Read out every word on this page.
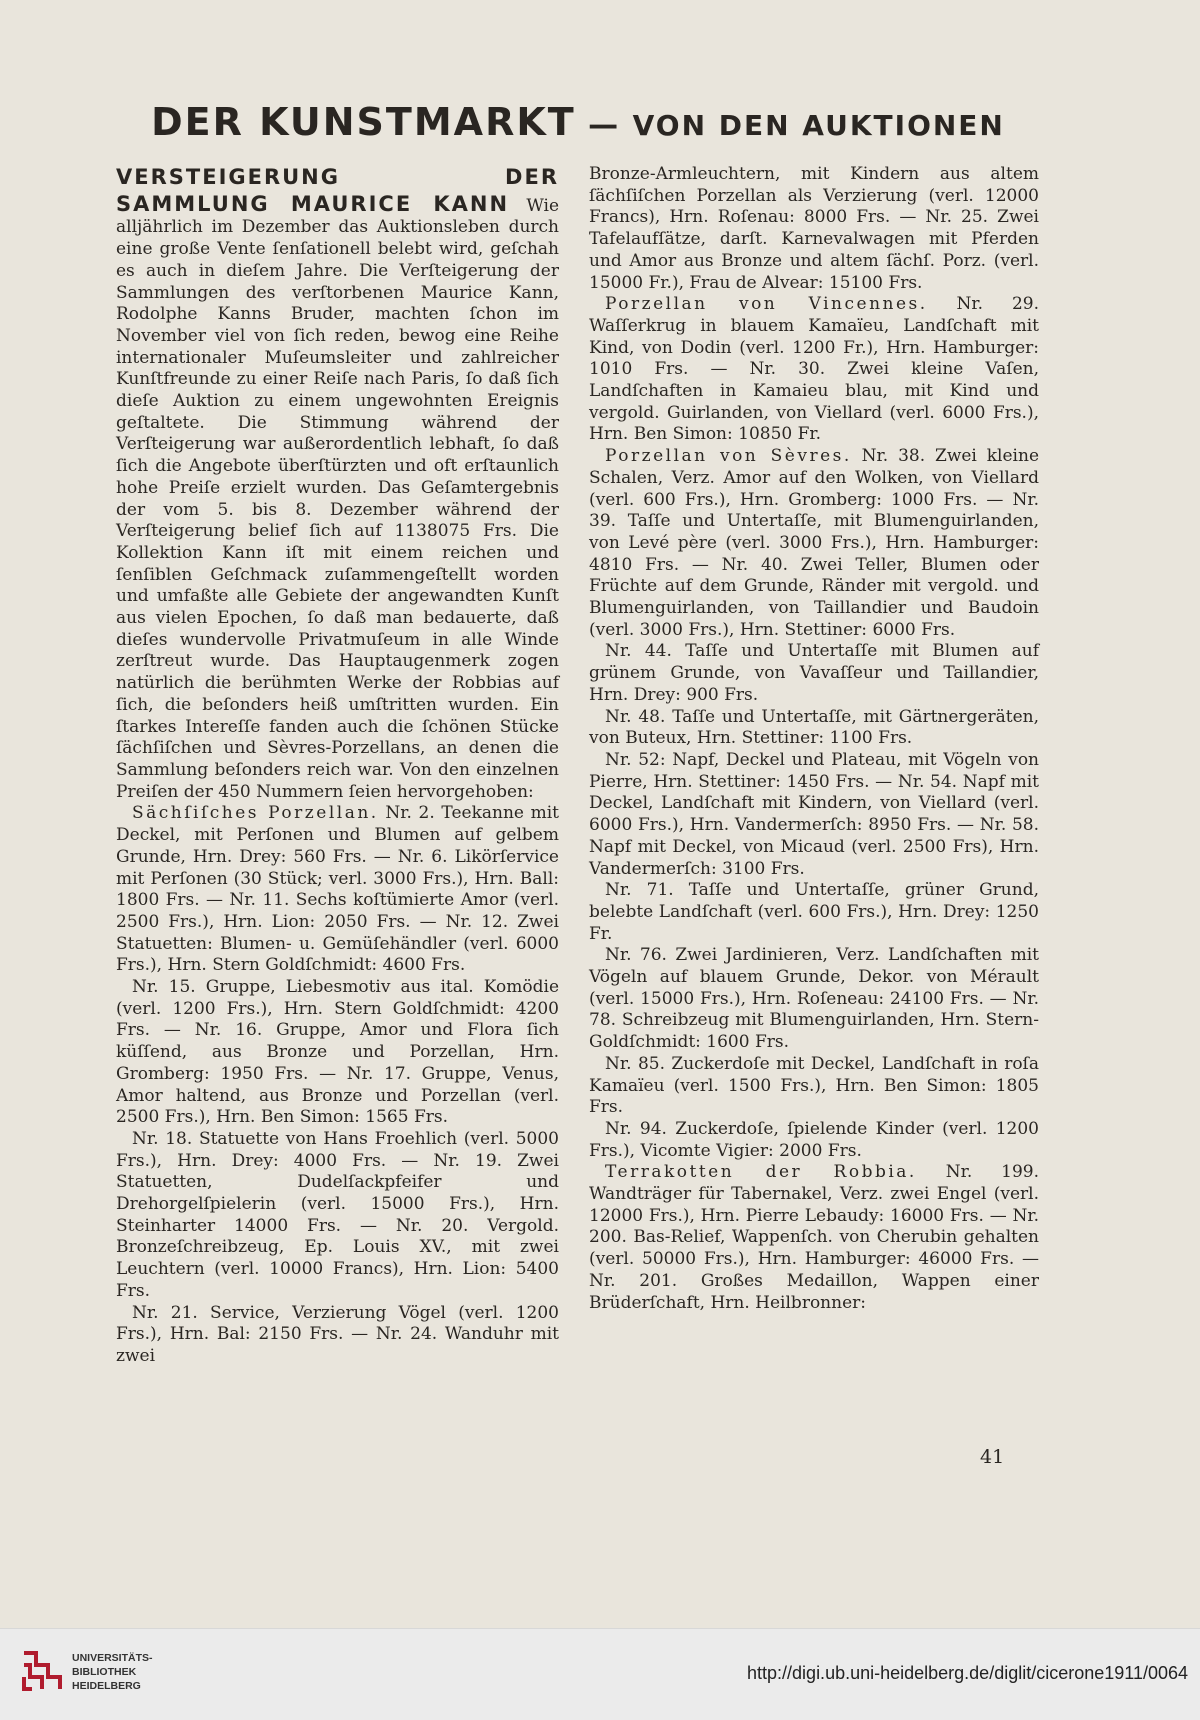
DER KUNSTMARKT — VON DEN AUKTIONEN

VERSTEIGERUNG DER SAMMLUNG MAURICE KANN Wie alljährlich im Dezember das Auktionsleben durch eine große Vente ſenſationell belebt wird, geſchah es auch in dieſem Jahre. Die Verſteigerung der Sammlungen des verſtorbenen Maurice Kann, Rodolphe Kanns Bruder, machten ſchon im November viel von ſich reden, bewog eine Reihe internationaler Muſeumsleiter und zahlreicher Kunſtfreunde zu einer Reiſe nach Paris, ſo daß ſich dieſe Auktion zu einem ungewohnten Ereignis geſtaltete. Die Stimmung während der Verſteigerung war außerordentlich lebhaft, ſo daß ſich die Angebote überſtürzten und oft erſtaunlich hohe Preiſe erzielt wurden. Das Geſamtergebnis der vom 5. bis 8. Dezember während der Verſteigerung belief ſich auf 1138075 Frs. Die Kollektion Kann iſt mit einem reichen und ſenſiblen Geſchmack zuſammengeſtellt worden und umfaßte alle Gebiete der angewandten Kunſt aus vielen Epochen, ſo daß man bedauerte, daß dieſes wundervolle Privatmuſeum in alle Winde zerſtreut wurde. Das Hauptaugenmerk zogen natürlich die berühmten Werke der Robbias auf ſich, die beſonders heiß umſtritten wurden. Ein ſtarkes Intereſſe fanden auch die ſchönen Stücke ſächſiſchen und Sèvres-Porzellans, an denen die Sammlung beſonders reich war. Von den einzelnen Preiſen der 450 Nummern ſeien hervorgehoben:

Sächſiſches Porzellan. Nr. 2. Teekanne mit Deckel, mit Perſonen und Blumen auf gelbem Grunde, Hrn. Drey: 560 Frs. — Nr. 6. Likörſervice mit Perſonen (30 Stück; verl. 3000 Frs.), Hrn. Ball: 1800 Frs. — Nr. 11. Sechs koſtümierte Amor (verl. 2500 Frs.), Hrn. Lion: 2050 Frs. — Nr. 12. Zwei Statuetten: Blumen- u. Gemüſehändler (verl. 6000 Frs.), Hrn. Stern Goldſchmidt: 4600 Frs.

Nr. 15. Gruppe, Liebesmotiv aus ital. Komödie (verl. 1200 Frs.), Hrn. Stern Goldſchmidt: 4200 Frs. — Nr. 16. Gruppe, Amor und Flora ſich küſſend, aus Bronze und Porzellan, Hrn. Gromberg: 1950 Frs. — Nr. 17. Gruppe, Venus, Amor haltend, aus Bronze und Porzellan (verl. 2500 Frs.), Hrn. Ben Simon: 1565 Frs.

Nr. 18. Statuette von Hans Froehlich (verl. 5000 Frs.), Hrn. Drey: 4000 Frs. — Nr. 19. Zwei Statuetten, Dudelſackpfeifer und Drehorgelſpielerin (verl. 15000 Frs.), Hrn. Steinharter 14000 Frs. — Nr. 20. Vergold. Bronzeſchreibzeug, Ep. Louis XV., mit zwei Leuchtern (verl. 10000 Francs), Hrn. Lion: 5400 Frs.

Nr. 21. Service, Verzierung Vögel (verl. 1200 Frs.), Hrn. Bal: 2150 Frs. — Nr. 24. Wanduhr mit zwei

Bronze-Armleuchtern, mit Kindern aus altem ſächſiſchen Porzellan als Verzierung (verl. 12000 Francs), Hrn. Roſenau: 8000 Frs. — Nr. 25. Zwei Tafelaufſätze, darſt. Karnevalwagen mit Pferden und Amor aus Bronze und altem ſächſ. Porz. (verl. 15000 Fr.), Frau de Alvear: 15100 Frs.

Porzellan von Vincennes. Nr. 29. Waſſerkrug in blauem Kamaïeu, Landſchaft mit Kind, von Dodin (verl. 1200 Fr.), Hrn. Hamburger: 1010 Frs. — Nr. 30. Zwei kleine Vaſen, Landſchaften in Kamaieu blau, mit Kind und vergold. Guirlanden, von Viellard (verl. 6000 Frs.), Hrn. Ben Simon: 10850 Fr.

Porzellan von Sèvres. Nr. 38. Zwei kleine Schalen, Verz. Amor auf den Wolken, von Viellard (verl. 600 Frs.), Hrn. Gromberg: 1000 Frs. — Nr. 39. Taſſe und Untertaſſe, mit Blumenguirlanden, von Levé père (verl. 3000 Frs.), Hrn. Hamburger: 4810 Frs. — Nr. 40. Zwei Teller, Blumen oder Früchte auf dem Grunde, Ränder mit vergold. und Blumenguirlanden, von Taillandier und Baudoin (verl. 3000 Frs.), Hrn. Stettiner: 6000 Frs.

Nr. 44. Taſſe und Untertaſſe mit Blumen auf grünem Grunde, von Vavaſſeur und Taillandier, Hrn. Drey: 900 Frs.

Nr. 48. Taſſe und Untertaſſe, mit Gärtnergeräten, von Buteux, Hrn. Stettiner: 1100 Frs.

Nr. 52: Napf, Deckel und Plateau, mit Vögeln von Pierre, Hrn. Stettiner: 1450 Frs. — Nr. 54. Napf mit Deckel, Landſchaft mit Kindern, von Viellard (verl. 6000 Frs.), Hrn. Vandermerſch: 8950 Frs. — Nr. 58. Napf mit Deckel, von Micaud (verl. 2500 Frs), Hrn. Vandermerſch: 3100 Frs.

Nr. 71. Taſſe und Untertaſſe, grüner Grund, belebte Landſchaft (verl. 600 Frs.), Hrn. Drey: 1250 Fr.

Nr. 76. Zwei Jardinieren, Verz. Landſchaften mit Vögeln auf blauem Grunde, Dekor. von Mérault (verl. 15000 Frs.), Hrn. Roſeneau: 24100 Frs. — Nr. 78. Schreibzeug mit Blumenguirlanden, Hrn. Stern-Goldſchmidt: 1600 Frs.

Nr. 85. Zuckerdoſe mit Deckel, Landſchaft in roſa Kamaïeu (verl. 1500 Frs.), Hrn. Ben Simon: 1805 Frs.

Nr. 94. Zuckerdoſe, ſpielende Kinder (verl. 1200 Frs.), Vicomte Vigier: 2000 Frs.

Terrakotten der Robbia. Nr. 199. Wandträger für Tabernakel, Verz. zwei Engel (verl. 12000 Frs.), Hrn. Pierre Lebaudy: 16000 Frs. — Nr. 200. Bas-Relief, Wappenſch. von Cherubin gehalten (verl. 50000 Frs.), Hrn. Hamburger: 46000 Frs. — Nr. 201. Großes Medaillon, Wappen einer Brüderſchaft, Hrn. Heilbronner:

41
UNIVERSITÄTS-
BIBLIOTHEK
HEIDELBERG
http://digi.ub.uni-heidelberg.de/diglit/cicerone1911/0064
